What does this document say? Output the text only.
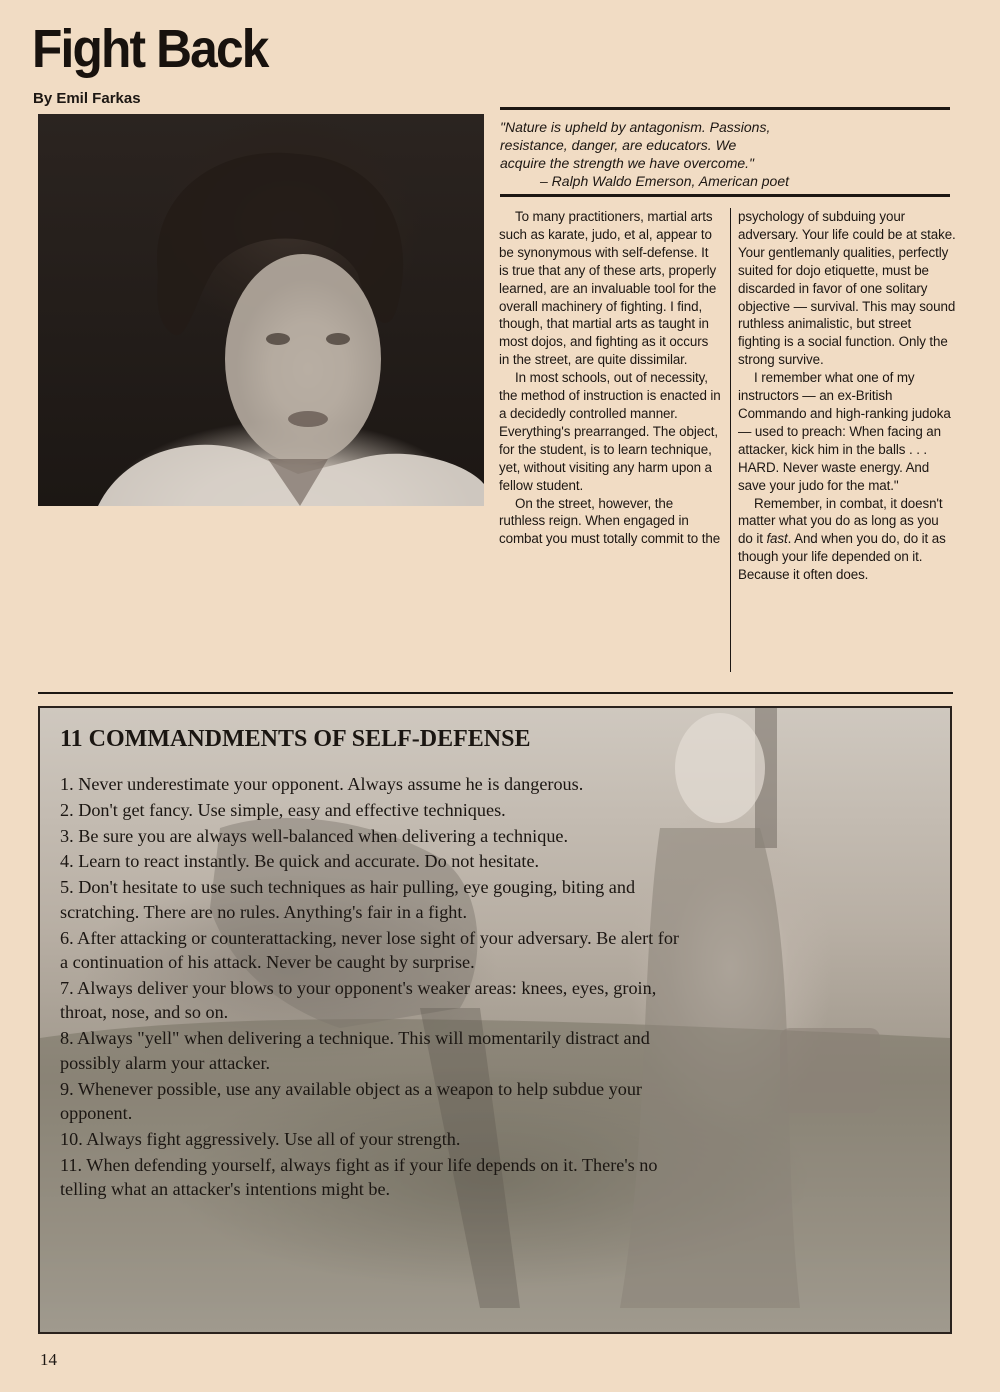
Fight Back

By Emil Farkas

"Nature is upheld by antagonism. Passions,

resistance, danger, are educators. We

acquire the strength we have overcome."

– Ralph Waldo Emerson, American poet

To many practitioners, martial arts such as karate, judo, et al, appear to be synonymous with self-defense. It is true that any of these arts, properly learned, are an invaluable tool for the overall machinery of fighting. I find, though, that martial arts as taught in most dojos, and fighting as it occurs in the street, are quite dissimilar.

In most schools, out of necessity, the method of instruction is enacted in a decidedly controlled manner. Everything's prearranged. The object, for the student, is to learn technique, yet, without visiting any harm upon a fellow student.

On the street, however, the ruthless reign. When engaged in combat you must totally commit to the

psychology of subduing your adversary. Your life could be at stake. Your gentlemanly qualities, perfectly suited for dojo etiquette, must be discarded in favor of one solitary objective — survival. This may sound ruthless animalistic, but street fighting is a social function. Only the strong survive.

I remember what one of my instructors — an ex-British Commando and high-ranking judoka — used to preach: When facing an attacker, kick him in the balls . . . HARD. Never waste energy. And save your judo for the mat."

Remember, in combat, it doesn't matter what you do as long as you do it fast. And when you do, do it as though your life depended on it. Because it often does.

11 COMMANDMENTS OF SELF-DEFENSE
1. Never underestimate your opponent. Always assume he is dangerous.
2. Don't get fancy. Use simple, easy and effective techniques.
3. Be sure you are always well-balanced when delivering a technique.
4. Learn to react instantly. Be quick and accurate. Do not hesitate.
5. Don't hesitate to use such techniques as hair pulling, eye gouging, biting and scratching. There are no rules. Anything's fair in a fight.
6. After attacking or counterattacking, never lose sight of your adversary. Be alert for a continuation of his attack. Never be caught by surprise.
7. Always deliver your blows to your opponent's weaker areas: knees, eyes, groin, throat, nose, and so on.
8. Always "yell" when delivering a technique. This will momentarily distract and possibly alarm your attacker.
9. Whenever possible, use any available object as a weapon to help subdue your opponent.
10. Always fight aggressively. Use all of your strength.
11. When defending yourself, always fight as if your life depends on it. There's no telling what an attacker's intentions might be.

14
